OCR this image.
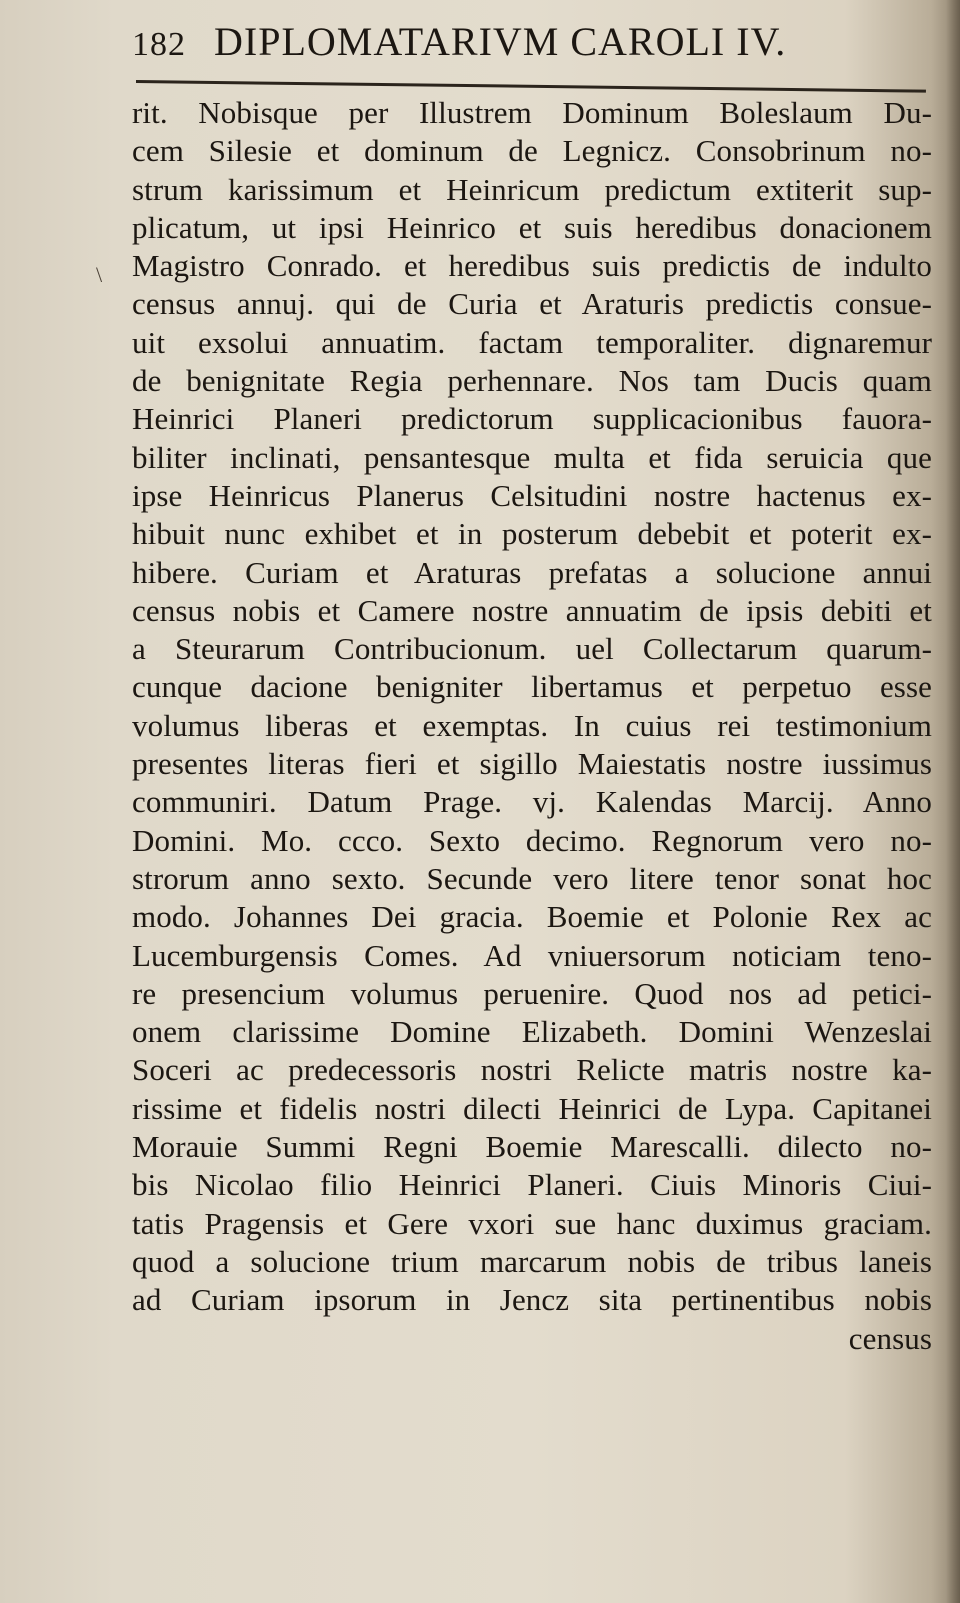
182 DIPLOMATARIVM CAROLI IV.
\
rit. Nobisque per Illustrem Dominum Boleslaum Du-
cem Silesie et dominum de Legnicz. Consobrinum no-
strum karissimum et Heinricum predictum extiterit sup-
plicatum, ut ipsi Heinrico et suis heredibus donacionem
Magistro Conrado. et heredibus suis predictis de indulto
census annuj. qui de Curia et Araturis predictis consue-
uit exsolui annuatim. factam temporaliter. dignaremur
de benignitate Regia perhennare. Nos tam Ducis quam
Heinrici Planeri predictorum supplicacionibus fauora-
biliter inclinati, pensantesque multa et fida seruicia que
ipse Heinricus Planerus Celsitudini nostre hactenus ex-
hibuit nunc exhibet et in posterum debebit et poterit ex-
hibere. Curiam et Araturas prefatas a solucione annui
census nobis et Camere nostre annuatim de ipsis debiti et
a Steurarum Contribucionum. uel Collectarum quarum-
cunque dacione benigniter libertamus et perpetuo esse
volumus liberas et exemptas. In cuius rei testimonium
presentes literas fieri et sigillo Maiestatis nostre iussimus
communiri. Datum Prage. vj. Kalendas Marcij. Anno
Domini. Mo. ccco. Sexto decimo. Regnorum vero no-
strorum anno sexto. Secunde vero litere tenor sonat hoc
modo. Johannes Dei gracia. Boemie et Polonie Rex ac
Lucemburgensis Comes. Ad vniuersorum noticiam teno-
re presencium volumus peruenire. Quod nos ad petici-
onem clarissime Domine Elizabeth. Domini Wenzeslai
Soceri ac predecessoris nostri Relicte matris nostre ka-
rissime et fidelis nostri dilecti Heinrici de Lypa. Capitanei
Morauie Summi Regni Boemie Marescalli. dilecto no-
bis Nicolao filio Heinrici Planeri. Ciuis Minoris Ciui-
tatis Pragensis et Gere vxori sue hanc duximus graciam.
quod a solucione trium marcarum nobis de tribus laneis
ad Curiam ipsorum in Jencz sita pertinentibus nobis
census
